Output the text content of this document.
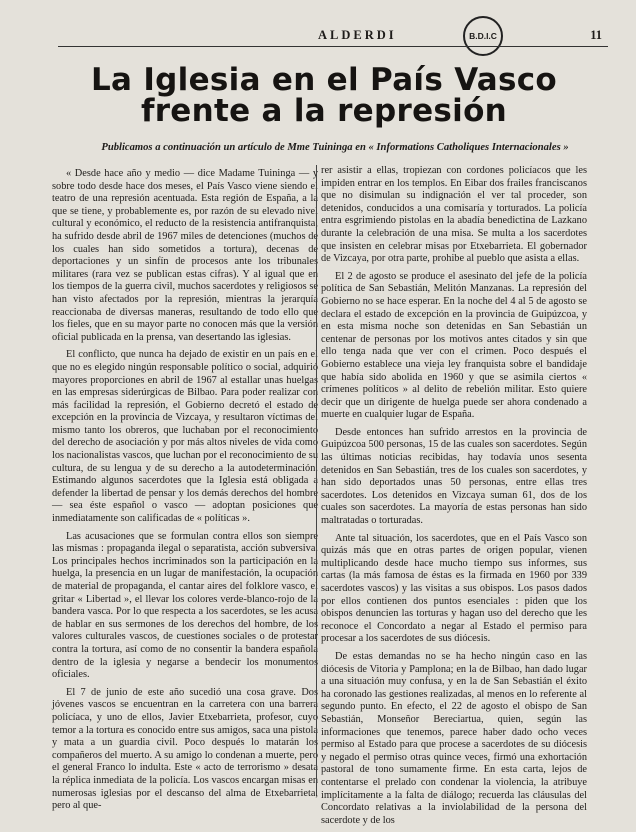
ALDERDI	B.D.I.C	11
La Iglesia en el País Vasco
frente a la represión
Publicamos a continuación un artículo de Mme Tuininga en « Informations Catholiques Internacionales »

« Desde hace año y medio — dice Madame Tuininga — y sobre todo desde hace dos meses, el País Vasco viene siendo el teatro de una represión acentuada. Esta región de España, a la que se tiene, y probablemente es, por razón de su elevado nivel cultural y económico, el reducto de la resistencia antifranquista, ha sufrido desde abril de 1967 miles de detenciones (muchos de los cuales han sido sometidos a tortura), decenas de deportaciones y un sinfín de procesos ante los tribunales militares (rara vez se publican estas cifras). Y al igual que en los tiempos de la guerra civil, muchos sacerdotes y religiosos se han visto afectados por la represión, mientras la jerarquía reaccionaba de diversas maneras, resultando de todo ello que los fieles, que en su mayor parte no conocen más que la versión oficial publicada en la prensa, van desertando las iglesias.

El conflicto, que nunca ha dejado de existir en un país en el que no es elegido ningún responsable político o social, adquirió mayores proporciones en abril de 1967 al estallar unas huelgas en las empresas siderúrgicas de Bilbao. Para poder realizar con más facilidad la represión, el Gobierno decretó el estado de excepción en la provincia de Vizcaya, y resultaron víctimas del mismo tanto los obreros, que luchaban por el reconocimiento del derecho de asociación y por más altos niveles de vida como los nacionalistas vascos, que luchan por el reconocimiento de su cultura, de su lengua y de su derecho a la autodeterminación. Estimando algunos sacerdotes que la Iglesia está obligada a defender la libertad de pensar y los demás derechos del hombre — sea éste español o vasco — adoptan posiciones que inmediatamente son calificadas de « políticas ».

Las acusaciones que se formulan contra ellos son siempre las mismas : propaganda ilegal o separatista, acción subversiva. Los principales hechos incriminados son la participación en la huelga, la presencia en un lugar de manifestación, la ocupación de material de propaganda, el cantar aires del folklore vasco, el gritar « Libertad », el llevar los colores verde-blanco-rojo de la bandera vasca. Por lo que respecta a los sacerdotes, se les acusa de hablar en sus sermones de los derechos del hombre, de los valores culturales vascos, de cuestiones sociales o de protestar contra la tortura, así como de no consentir la bandera española dentro de la iglesia y negarse a bendecir los monumentos oficiales.

El 7 de junio de este año sucedió una cosa grave. Dos jóvenes vascos se encuentran en la carretera con una barrera policíaca, y uno de ellos, Javier Etxebarrieta, profesor, cuyo temor a la tortura es conocido entre sus amigos, saca una pistola y mata a un guardia civil. Poco después lo matarán los compañeros del muerto. A su amigo lo condenan a muerte, pero el general Franco lo indulta. Este « acto de terrorismo » desata la réplica inmediata de la policía. Los vascos encargan misas en numerosas iglesias por el descanso del alma de Etxebarrieta, pero al que-

rer asistir a ellas, tropiezan con cordones policíacos que les impiden entrar en los templos. En Eibar dos frailes franciscanos que no disimulan su indignación el ver tal proceder, son detenidos, conducidos a una comisaría y torturados. La policía entra esgrimiendo pistolas en la abadía benedictina de Lazkano durante la celebración de una misa. Se multa a los sacerdotes que insisten en celebrar misas por Etxebarrieta. El gobernador de Vizcaya, por otra parte, prohibe al pueblo que asista a ellas.

El 2 de agosto se produce el asesinato del jefe de la policía política de San Sebastián, Melitón Manzanas. La represión del Gobierno no se hace esperar. En la noche del 4 al 5 de agosto se declara el estado de excepción en la provincia de Guipúzcoa, y en esta misma noche son detenidas en San Sebastián un centenar de personas por los motivos antes citados y sin que ello tenga nada que ver con el crimen. Poco después el Gobierno establece una vieja ley franquista sobre el bandidaje que había sido abolida en 1960 y que se asimila ciertos « crímenes políticos » al delito de rebelión militar. Esto quiere decir que un dirigente de huelga puede ser ahora condenado a muerte en cualquier lugar de España.

Desde entonces han sufrido arrestos en la provincia de Guipúzcoa 500 personas, 15 de las cuales son sacerdotes. Según las últimas noticias recibidas, hay todavía unos sesenta detenidos en San Sebastián, tres de los cuales son sacerdotes, y han sido deportados unas 50 personas, entre ellas tres sacerdotes. Los detenidos en Vizcaya suman 61, dos de los cuales son sacerdotes. La mayoría de estas personas han sido maltratadas o torturadas.

Ante tal situación, los sacerdotes, que en el País Vasco son quizás más que en otras partes de origen popular, vienen multiplicando desde hace mucho tiempo sus informes, sus cartas (la más famosa de éstas es la firmada en 1960 por 339 sacerdotes vascos) y las visitas a sus obispos. Los pasos dados por ellos contienen dos puntos esenciales : piden que los obispos denuncien las torturas y hagan uso del derecho que les reconoce el Concordato a negar al Estado el permiso para procesar a los sacerdotes de sus diócesis.

De estas demandas no se ha hecho ningún caso en las diócesis de Vitoria y Pamplona; en la de Bilbao, han dado lugar a una situación muy confusa, y en la de San Sebastián el éxito ha coronado las gestiones realizadas, al menos en lo referente al segundo punto. En efecto, el 22 de agosto el obispo de San Sebastián, Monseñor Bereciartua, quien, según las informaciones que tenemos, parece haber dado ocho veces permiso al Estado para que procese a sacerdotes de su diócesis y negado el permiso otras quince veces, firmó una exhortación pastoral de tono sumamente firme. En esta carta, lejos de contentarse el prelado con condenar la violencia, la atribuye implícitamente a la falta de diálogo; recuerda las cláusulas del Concordato relativas a la inviolabilidad de la persona del sacerdote y de los
